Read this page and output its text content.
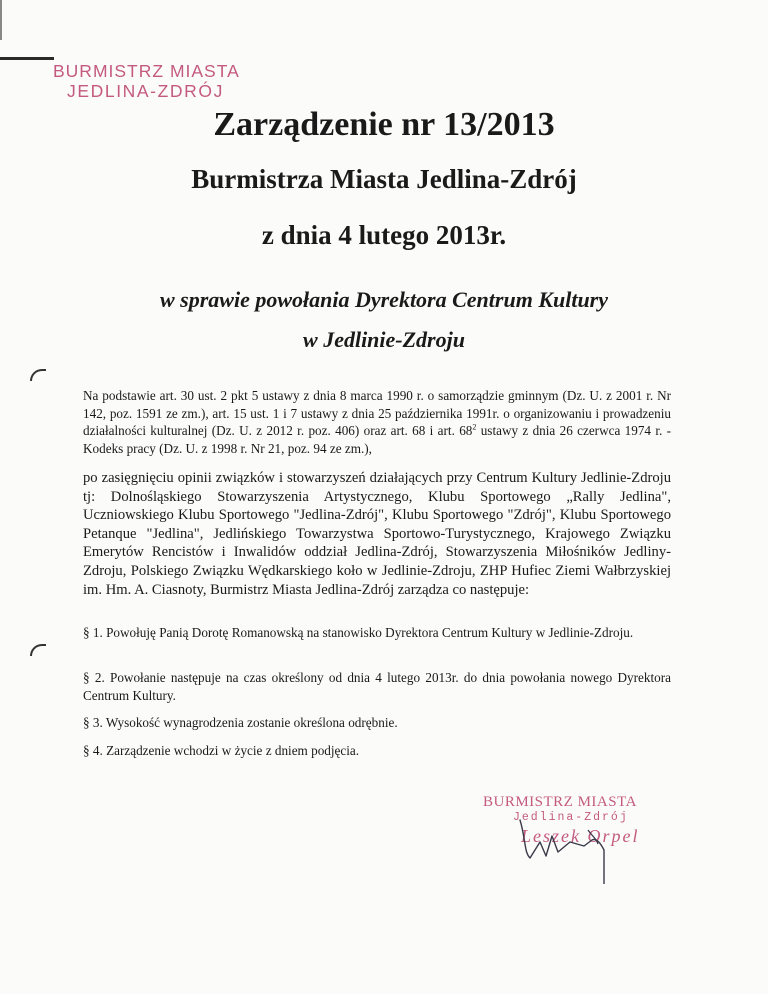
BURMISTRZ MIASTA
JEDLINA-ZDRÓJ
Zarządzenie nr 13/2013
Burmistrza Miasta Jedlina-Zdrój
z dnia 4 lutego 2013r.
w sprawie powołania Dyrektora Centrum Kultury
w Jedlinie-Zdroju
Na podstawie art. 30 ust. 2 pkt 5 ustawy z dnia 8 marca 1990 r. o samorządzie gminnym (Dz. U. z 2001 r. Nr 142, poz. 1591 ze zm.), art. 15 ust. 1 i 7 ustawy z dnia 25 października 1991r. o organizowaniu i prowadzeniu działalności kulturalnej (Dz. U. z 2012 r. poz. 406) oraz art. 68 i art. $68^2$ ustawy z dnia 26 czerwca 1974 r. - Kodeks pracy (Dz. U. z 1998 r. Nr 21, poz. 94 ze zm.),
po zasięgnięciu opinii związków i stowarzyszeń działających przy Centrum Kultury Jedlinie-Zdroju tj: Dolnośląskiego Stowarzyszenia Artystycznego, Klubu Sportowego „Rally Jedlina", Uczniowskiego Klubu Sportowego "Jedlina-Zdrój", Klubu Sportowego "Zdrój", Klubu Sportowego Petanque "Jedlina", Jedlińskiego Towarzystwa Sportowo-Turystycznego, Krajowego Związku Emerytów Rencistów i Inwalidów oddział Jedlina-Zdrój, Stowarzyszenia Miłośników Jedliny-Zdroju, Polskiego Związku Wędkarskiego koło w Jedlinie-Zdroju, ZHP Hufiec Ziemi Wałbrzyskiej im. Hm. A. Ciasnoty, Burmistrz Miasta Jedlina-Zdrój zarządza co następuje:
§ 1. Powołuję Panią Dorotę Romanowską na stanowisko Dyrektora Centrum Kultury w Jedlinie-Zdroju.
§ 2. Powołanie następuje na czas określony od dnia 4 lutego 2013r. do dnia powołania nowego Dyrektora Centrum Kultury.
§ 3. Wysokość wynagrodzenia zostanie określona odrębnie.
§ 4. Zarządzenie wchodzi w życie z dniem podjęcia.
BURMISTRZ MIASTA
Jedlina-Zdrój
Leszek Orpel
